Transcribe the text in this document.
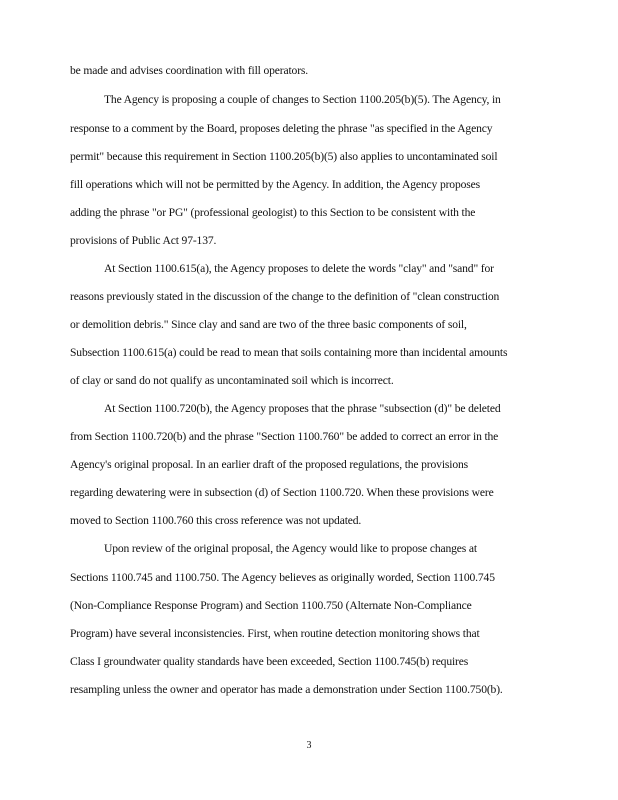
be made and advises coordination with fill operators.
The Agency is proposing a couple of changes to Section 1100.205(b)(5). The Agency, in
response to a comment by the Board, proposes deleting the phrase "as specified in the Agency
permit" because this requirement in Section 1100.205(b)(5) also applies to uncontaminated soil
fill operations which will not be permitted by the Agency. In addition, the Agency proposes
adding the phrase "or PG" (professional geologist) to this Section to be consistent with the
provisions of Public Act 97-137.
At Section 1100.615(a), the Agency proposes to delete the words "clay" and "sand" for
reasons previously stated in the discussion of the change to the definition of "clean construction
or demolition debris." Since clay and sand are two of the three basic components of soil,
Subsection 1100.615(a) could be read to mean that soils containing more than incidental amounts
of clay or sand do not qualify as uncontaminated soil which is incorrect.
At Section 1100.720(b), the Agency proposes that the phrase "subsection (d)" be deleted
from Section 1100.720(b) and the phrase "Section 1100.760" be added to correct an error in the
Agency's original proposal. In an earlier draft of the proposed regulations, the provisions
regarding dewatering were in subsection (d) of Section 1100.720. When these provisions were
moved to Section 1100.760 this cross reference was not updated.
Upon review of the original proposal, the Agency would like to propose changes at
Sections 1100.745 and 1100.750. The Agency believes as originally worded, Section 1100.745
(Non-Compliance Response Program) and Section 1100.750 (Alternate Non-Compliance
Program) have several inconsistencies. First, when routine detection monitoring shows that
Class I groundwater quality standards have been exceeded, Section 1100.745(b) requires
resampling unless the owner and operator has made a demonstration under Section 1100.750(b).
3
